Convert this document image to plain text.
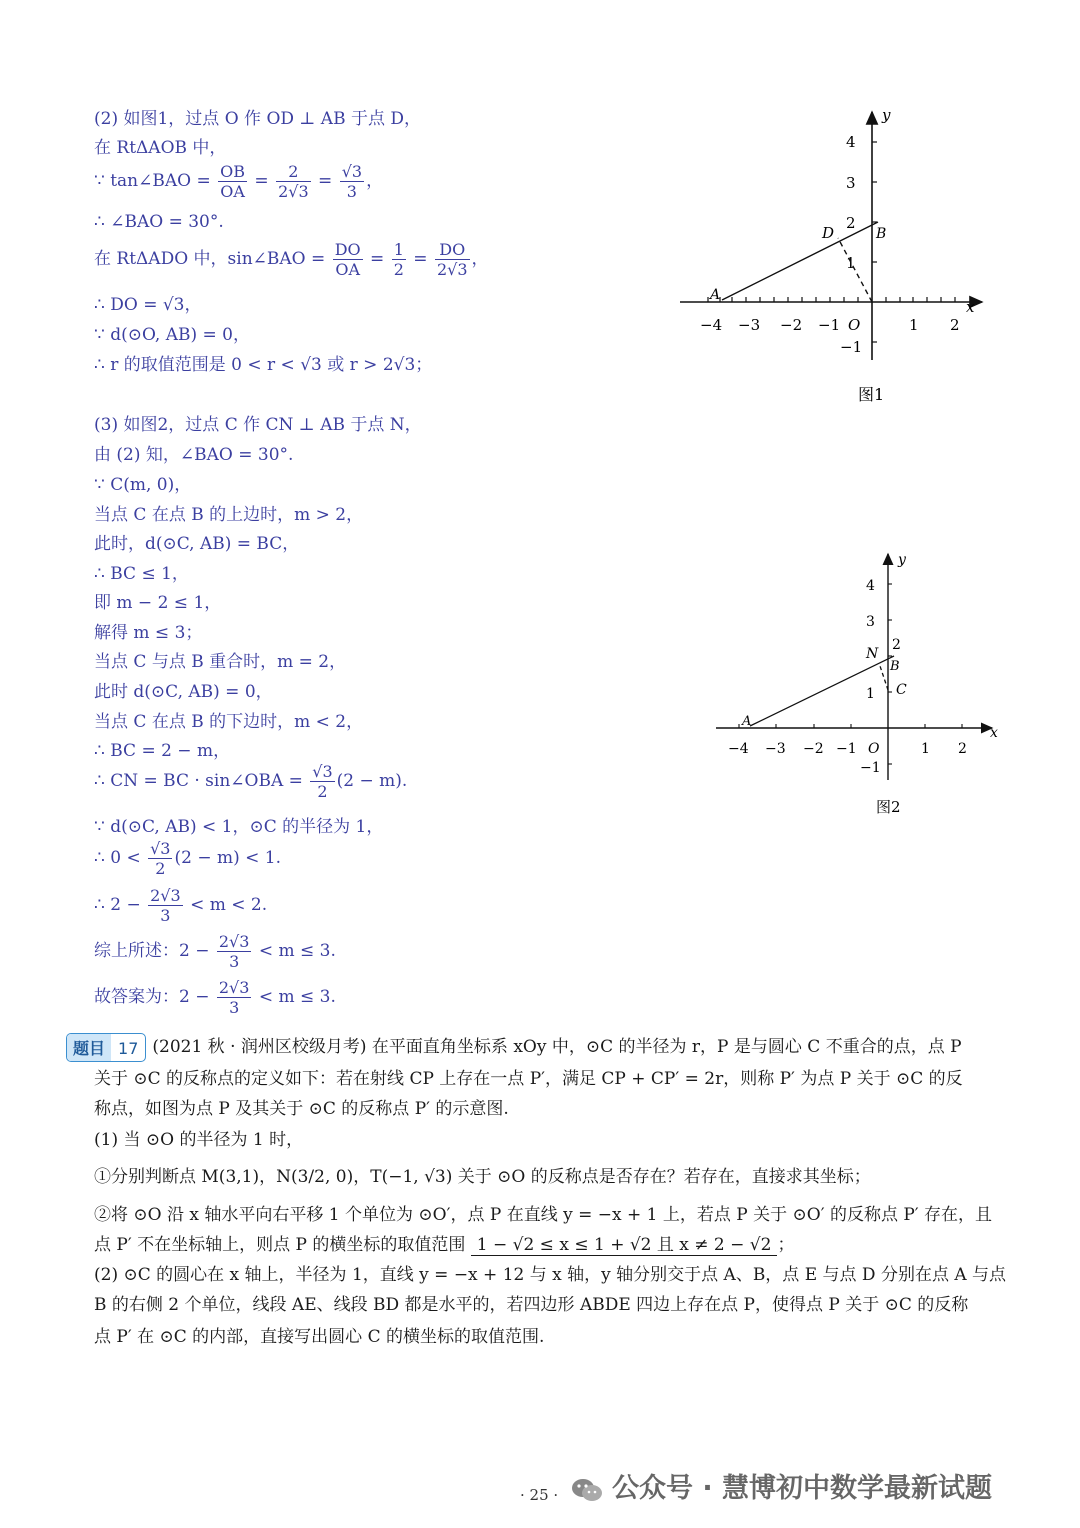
(2) 如图1，过点 O 作 OD ⊥ AB 于点 D，
在 RtΔAOB 中，
∵ tan∠BAO = $\frac{OB}{OA} = \frac{2}{2√3} = \frac{√3}{3}$ ，
∴ ∠BAO = 30°.
在 RtΔADO 中，sin∠BAO = $\frac{DO}{OA} = \frac{1}{2} = \frac{DO}{2√3}$ ，
∴ DO = √3，
∵ d(⊙O, AB) = 0，
∴ r 的取值范围是 0 < r < √3 或 r > 2√3；
(3) 如图2，过点 C 作 CN ⊥ AB 于点 N，
由 (2) 知，∠BAO = 30°.
∵ C(m, 0)，
当点 C 在点 B 的上边时，m > 2，
此时，d(⊙C, AB) = BC，
∴ BC ≤ 1，
即 m − 2 ≤ 1，
解得 m ≤ 3；
当点 C 与点 B 重合时，m = 2，
此时 d(⊙C, AB) = 0，
当点 C 在点 B 的下边时，m < 2，
∴ BC = 2 − m，
∴ CN = BC · sin∠OBA = $\frac{√3}{2} (2 - m)$.
∵ d(⊙C, AB) < 1，⊙C 的半径为 1，
∴ $0 < \frac{√3}{2} (2 - m) < 1$.
∴ $2 - \frac{2√3}{3} < m < 2$.
综上所述：$2 - \frac{2√3}{3} < m \le 3$.
故答案为：$2 - \frac{2√3}{3} < m \le 3$.
x
y
−4 −3 −2 −1 O	1 2
4
3
2
1
−1
A
B
D
图1
x
y
−4 −3 −2 −1 O	1 2
4
3
2
1
−1
A
B
N
C
图2
题目 17 (2021 秋 · 润州区校级月考) 在平面直角坐标系 xOy 中，⊙C 的半径为 r，P 是与圆心 C 不重合的点，点 P
关于 ⊙C 的反称点的定义如下：若在射线 CP 上存在一点 P′，满足 CP + CP′ = 2r，则称 P′ 为点 P 关于 ⊙C 的反
称点，如图为点 P 及其关于 ⊙C 的反称点 P′ 的示意图.
(1) 当 ⊙O 的半径为 1 时，
①分别判断点 M(3,1)，N(3/2, 0)，T(−1, √3) 关于 ⊙O 的反称点是否存在？若存在，直接求其坐标；
②将 ⊙O 沿 x 轴水平向右平移 1 个单位为 ⊙O′，点 P 在直线 y = −x + 1 上，若点 P 关于 ⊙O′ 的反称点 P′ 存在，且
点 P′ 不在坐标轴上，则点 P 的横坐标的取值范围 1 − √2 ≤ x ≤ 1 + √2 且 x ≠ 2 − √2 ；
(2) ⊙C 的圆心在 x 轴上，半径为 1，直线 y = −x + 12 与 x 轴，y 轴分别交于点 A、B，点 E 与点 D 分别在点 A 与点
B 的右侧 2 个单位，线段 AE、线段 BD 都是水平的，若四边形 ABDE 四边上存在点 P，使得点 P 关于 ⊙C 的反称
点 P′ 在 ⊙C 的内部，直接写出圆心 C 的横坐标的取值范围.
公众号 · 慧博初中数学最新试题
· 25 ·
